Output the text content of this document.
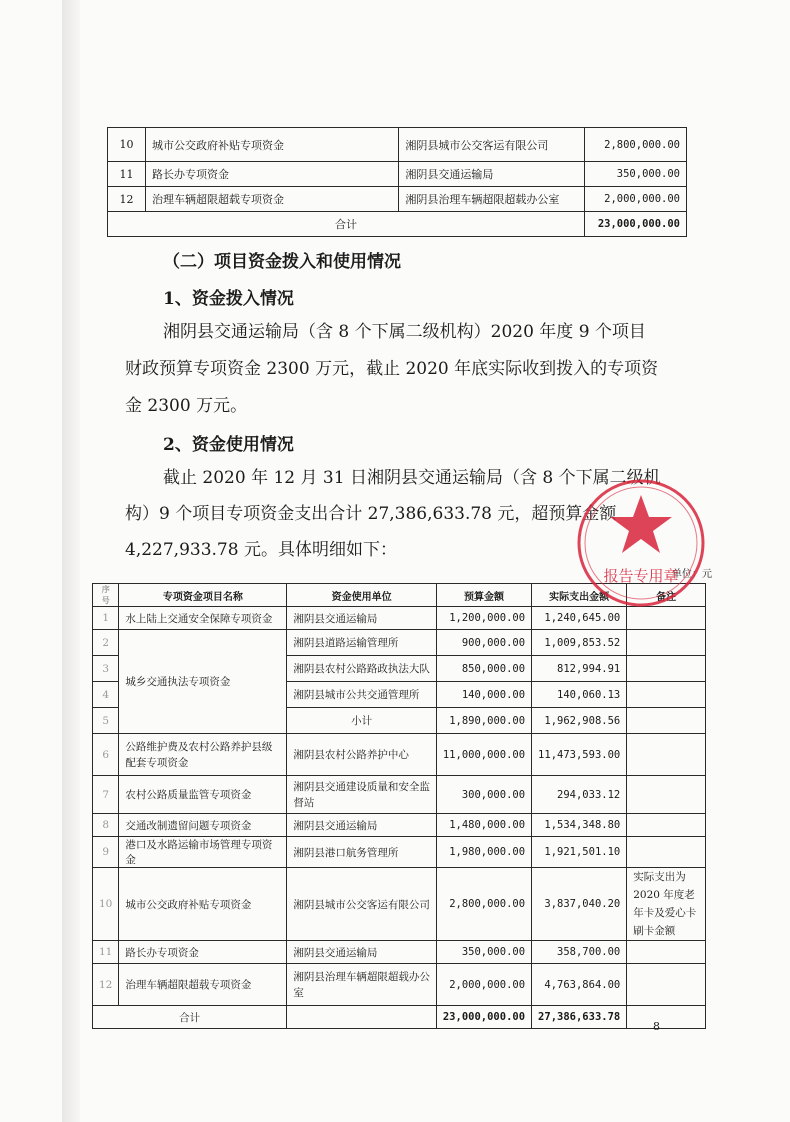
10	城市公交政府补贴专项资金	湘阴县城市公交客运有限公司	2,800,000.00
11	路长办专项资金	湘阴县交通运输局	350,000.00
12	治理车辆超限超载专项资金	湘阴县治理车辆超限超载办公室	2,000,000.00
合计			23,000,000.00
（二）项目资金拨入和使用情况
1、资金拨入情况
湘阴县交通运输局（含 8 个下属二级机构）2020 年度 9 个项目
财政预算专项资金 2300 万元，截止 2020 年底实际收到拨入的专项资
金 2300 万元。
2、资金使用情况
截止 2020 年 12 月 31 日湘阴县交通运输局（含 8 个下属二级机
构）9 个项目专项资金支出合计 27,386,633.78 元，超预算金额
4,227,933.78 元。具体明细如下：
单位：元
序号	专项资金项目名称	资金使用单位	预算金额	实际支出金额	备注
1	水上陆上交通安全保障专项资金	湘阴县交通运输局	1,200,000.00	1,240,645.00	
2	城乡交通执法专项资金	湘阴县道路运输管理所	900,000.00	1,009,853.52	
3		湘阴县农村公路路政执法大队	850,000.00	812,994.91	
4		湘阴县城市公共交通管理所	140,000.00	140,060.13	
5		小计	1,890,000.00	1,962,908.56	
6	公路维护费及农村公路养护县级配套专项资金	湘阴县农村公路养护中心	11,000,000.00	11,473,593.00	
7	农村公路质量监管专项资金	湘阴县交通建设质量和安全监督站	300,000.00	294,033.12	
8	交通改制遗留问题专项资金	湘阴县交通运输局	1,480,000.00	1,534,348.80	
9	港口及水路运输市场管理专项资金	湘阴县港口航务管理所	1,980,000.00	1,921,501.10	
10	城市公交政府补贴专项资金	湘阴县城市公交客运有限公司	2,800,000.00	3,837,040.20	实际支出为 2020 年度老年卡及爱心卡刷卡金额
11	路长办专项资金	湘阴县交通运输局	350,000.00	358,700.00	
12	治理车辆超限超载专项资金	湘阴县治理车辆超限超载办公室	2,000,000.00	4,763,864.00	
合计			23,000,000.00	27,386,633.78	
报告专用章
8
